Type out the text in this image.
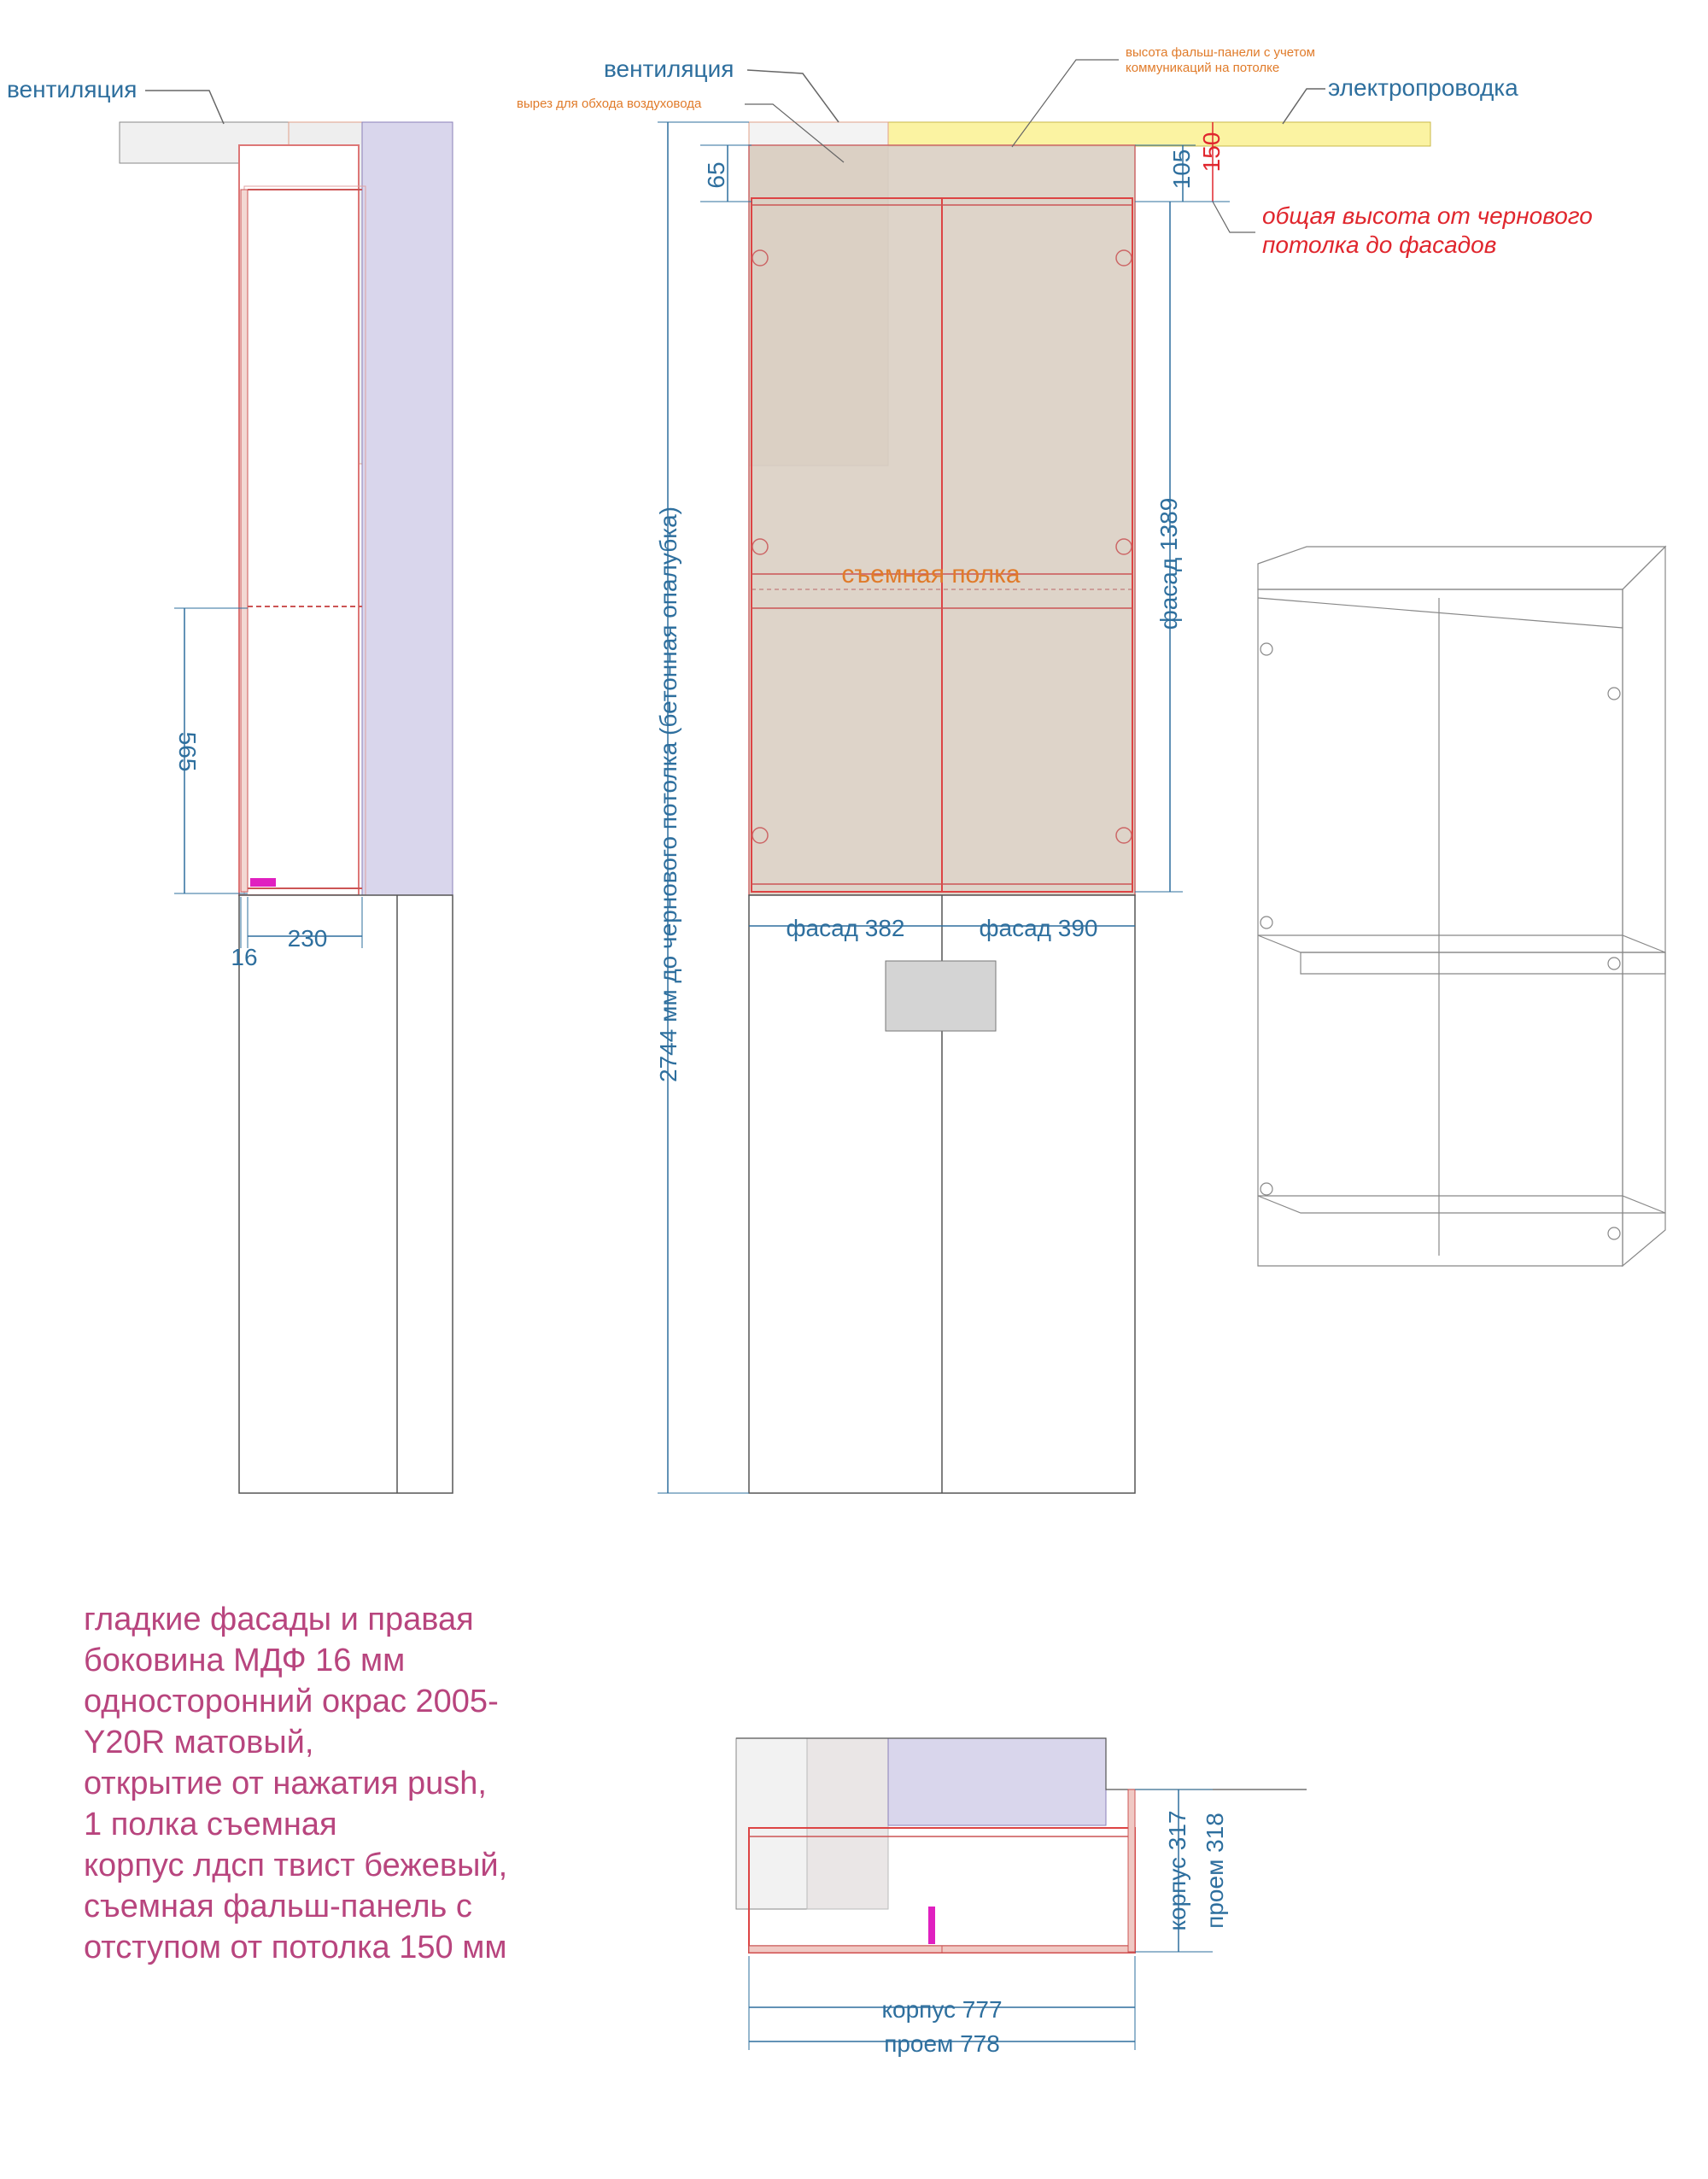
вентиляция
565
230
16
съемная полка
вентиляция
вырез для обхода воздуховода
высота фальш-панели с учетом
коммуникаций на потолке
электропроводка
общая высота от чернового
потолка до фасадов
2744 мм до чернового потолка (бетонная опалубка)
65	105 150
фасад 1389
фасад 382	фасад 390
корпус 317 проем 318
корпус 777
проем 778
гладкие фасады и правая
боковина МДФ 16 мм
односторонний окрас 2005-
Y20R матовый,
открытие от нажатия push,
1 полка съемная
корпус лдсп твист бежевый,
съемная фальш-панель с
отступом от потолка 150 мм
